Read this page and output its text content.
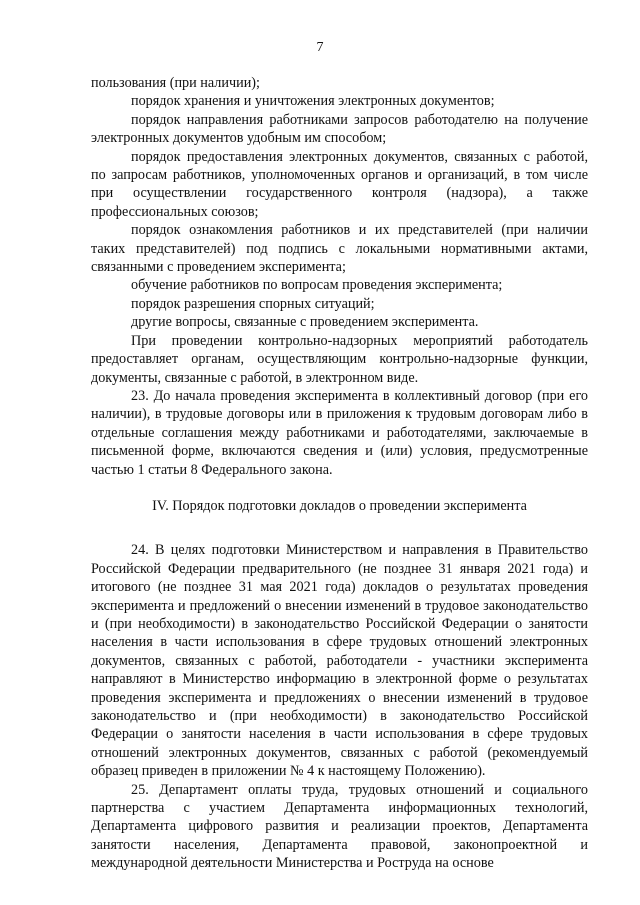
7

пользования (при наличии);

порядок хранения и уничтожения электронных документов;

порядок направления работниками запросов работодателю на получение электронных документов удобным им способом;

порядок предоставления электронных документов, связанных с работой, по запросам работников, уполномоченных органов и организаций, в том числе при осуществлении государственного контроля (надзора), а также профессиональных союзов;

порядок ознакомления работников и их представителей (при наличии таких представителей) под подпись с локальными нормативными актами, связанными с проведением эксперимента;

обучение работников по вопросам проведения эксперимента;

порядок разрешения спорных ситуаций;

другие вопросы, связанные с проведением эксперимента.

При проведении контрольно-надзорных мероприятий работодатель предоставляет органам, осуществляющим контрольно-надзорные функции, документы, связанные с работой, в электронном виде.

23. До начала проведения эксперимента в коллективный договор (при его наличии), в трудовые договоры или в приложения к трудовым договорам либо в отдельные соглашения между работниками и работодателями, заключаемые в письменной форме, включаются сведения и (или) условия, предусмотренные частью 1 статьи 8 Федерального закона.

IV. Порядок подготовки докладов о проведении эксперимента

24. В целях подготовки Министерством и направления в Правительство Российской Федерации предварительного (не позднее 31 января 2021 года) и итогового (не позднее 31 мая 2021 года) докладов о результатах проведения эксперимента и предложений о внесении изменений в трудовое законодательство и (при необходимости) в законодательство Российской Федерации о занятости населения в части использования в сфере трудовых отношений электронных документов, связанных с работой, работодатели - участники эксперимента направляют в Министерство информацию в электронной форме о результатах проведения эксперимента и предложениях о внесении изменений в трудовое законодательство и (при необходимости) в законодательство Российской Федерации о занятости населения в части использования в сфере трудовых отношений электронных документов, связанных с работой (рекомендуемый образец приведен в приложении № 4 к настоящему Положению).

25. Департамент оплаты труда, трудовых отношений и социального партнерства с участием Департамента информационных технологий, Департамента цифрового развития и реализации проектов, Департамента занятости населения, Департамента правовой, законопроектной и международной деятельности Министерства и Роструда на основе
